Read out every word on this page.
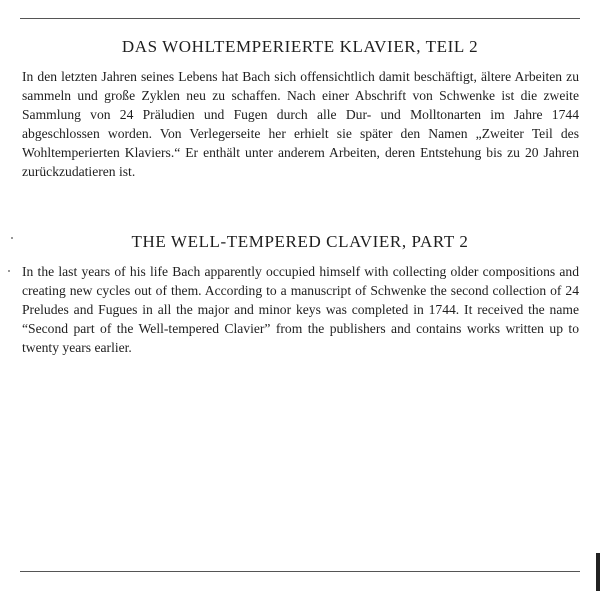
DAS WOHLTEMPERIERTE KLAVIER, TEIL 2

In den letzten Jahren seines Lebens hat Bach sich offensichtlich damit beschäftigt, ältere Arbeiten zu sammeln und große Zyklen neu zu schaffen. Nach einer Abschrift von Schwenke ist die zweite Sammlung von 24 Präludien und Fugen durch alle Dur- und Molltonarten im Jahre 1744 abgeschlossen worden. Von Verlegerseite her erhielt sie später den Namen „Zweiter Teil des Wohltemperierten Klaviers.“ Er enthält unter anderem Arbeiten, deren Entstehung bis zu 20 Jahren zurückzudatieren ist.

THE WELL-TEMPERED CLAVIER, PART 2

In the last years of his life Bach apparently occupied himself with collecting older compositions and creating new cycles out of them. According to a manuscript of Schwenke the second collection of 24 Preludes and Fugues in all the major and minor keys was completed in 1744. It received the name “Second part of the Well-tempered Clavier” from the publishers and contains works written up to twenty years earlier.
